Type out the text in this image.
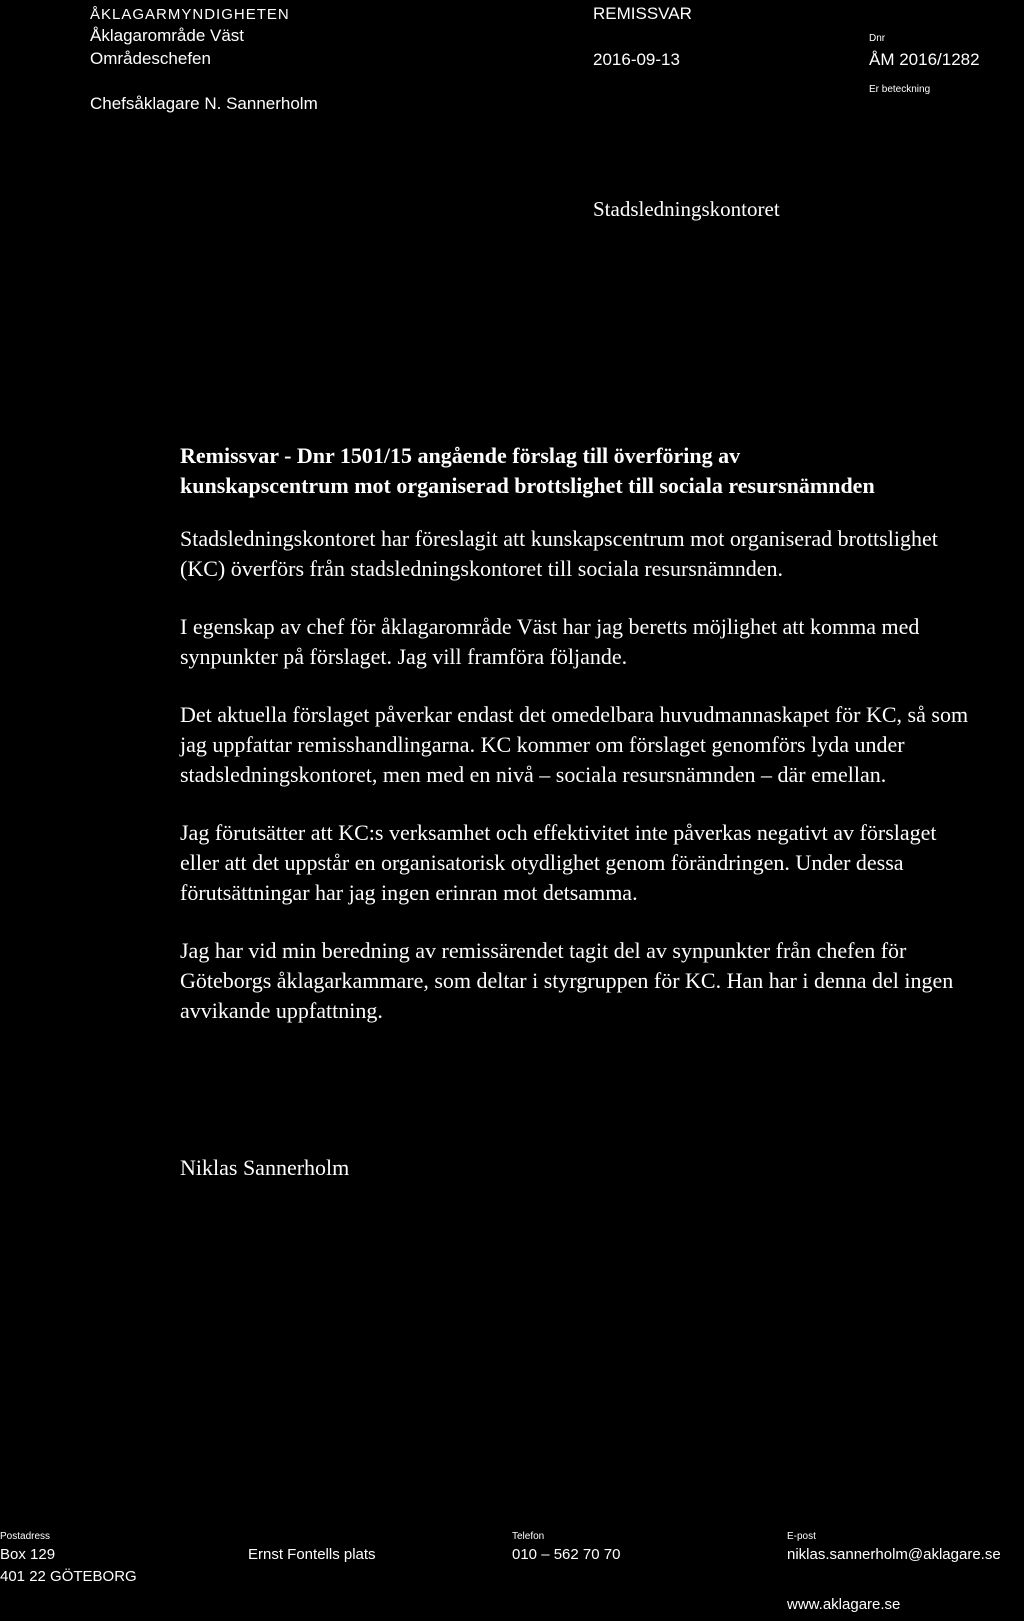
ÅKLAGARMYNDIGHETEN
Åklagarområde Väst
Områdeschefen
Chefsåklagare N. Sannerholm
REMISSVAR
2016-09-13
Dnr
ÅM 2016/1282
Er beteckning
Stadsledningskontoret
Remissvar - Dnr 1501/15 angående förslag till överföring av
kunskapscentrum mot organiserad brottslighet till sociala resursnämnden

Stadsledningskontoret har föreslagit att kunskapscentrum mot organiserad brottslighet (KC) överförs från stadsledningskontoret till sociala resursnämnden.

I egenskap av chef för åklagarområde Väst har jag beretts möjlighet att komma med synpunkter på förslaget. Jag vill framföra följande.

Det aktuella förslaget påverkar endast det omedelbara huvudmannaskapet för KC, så som jag uppfattar remisshandlingarna. KC kommer om förslaget genomförs lyda under stadsledningskontoret, men med en nivå – sociala resursnämnden – där emellan.

Jag förutsätter att KC:s verksamhet och effektivitet inte påverkas negativt av förslaget eller att det uppstår en organisatorisk otydlighet genom förändringen. Under dessa förutsättningar har jag ingen erinran mot detsamma.

Jag har vid min beredning av remissärendet tagit del av synpunkter från chefen för Göteborgs åklagarkammare, som deltar i styrgruppen för KC. Han har i denna del ingen avvikande uppfattning.

Niklas Sannerholm
Postadress
Box 129
401 22 GÖTEBORG
Ernst Fontells plats
Telefon
010 – 562 70 70
E-post
niklas.sannerholm@aklagare.se
www.aklagare.se
